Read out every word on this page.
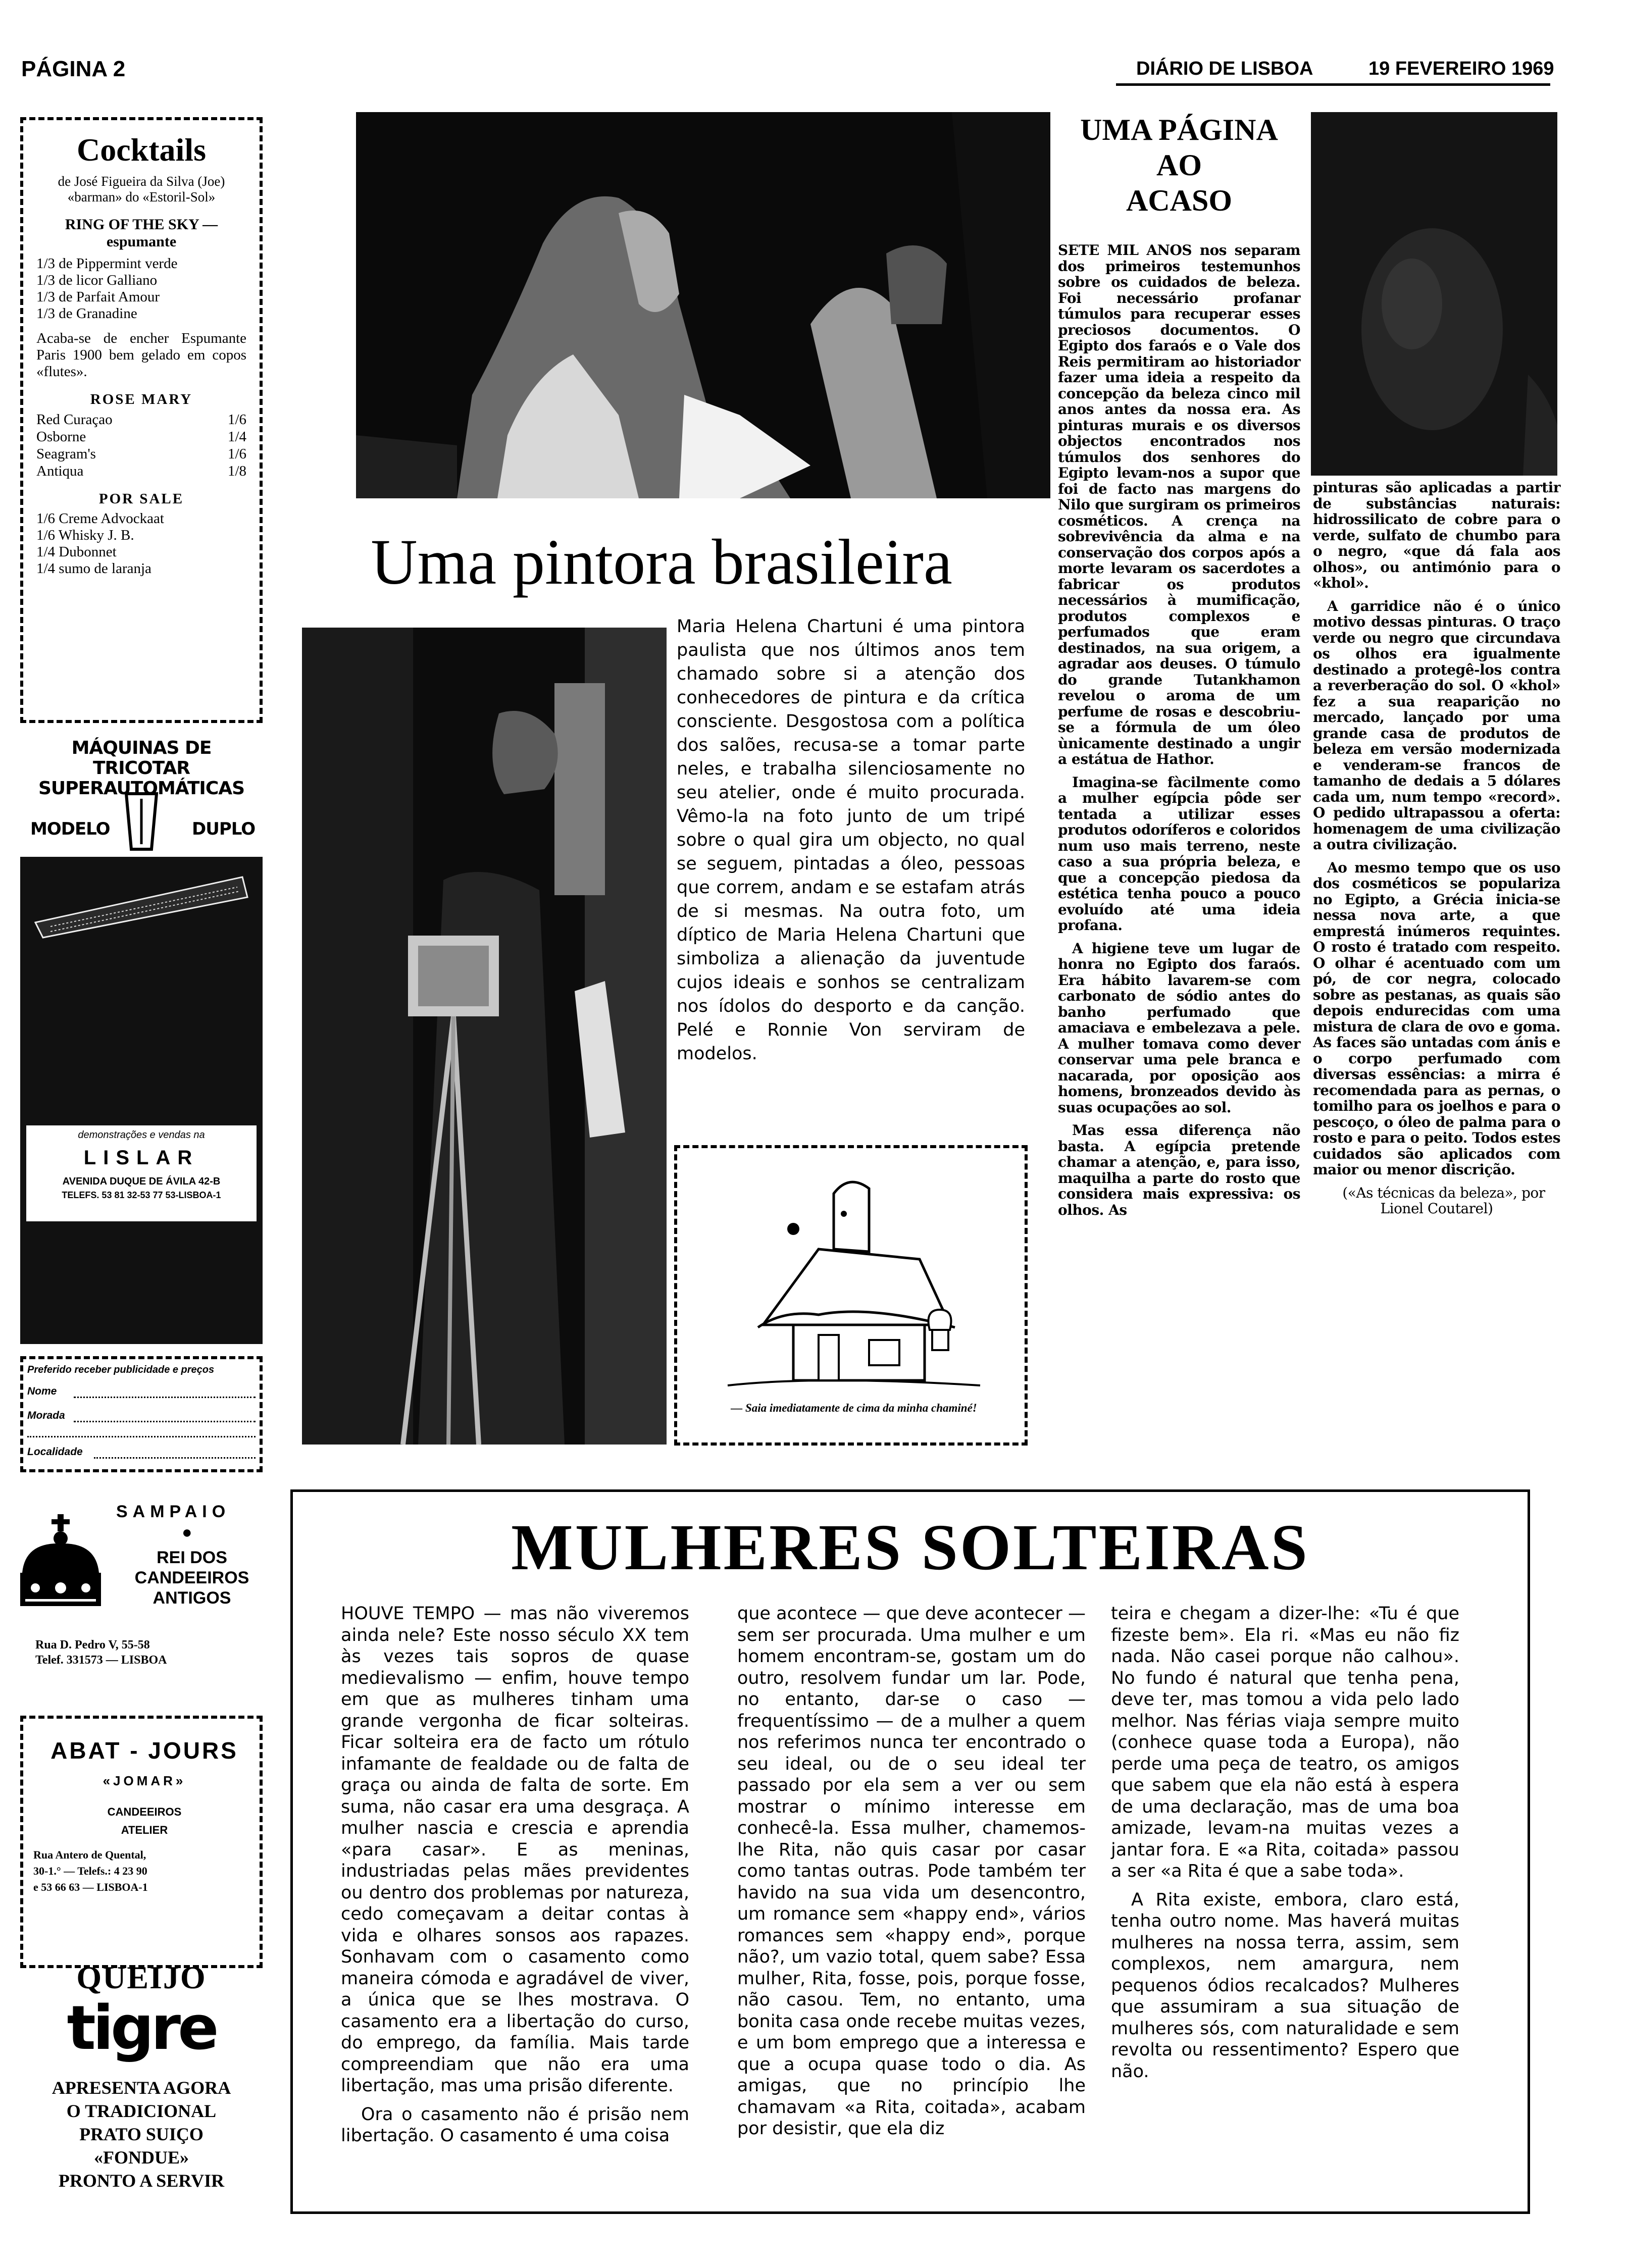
PÁGINA 2	DIÁRIO DE LISBOA	19 FEVEREIRO 1969
Cocktails
de José Figueira da Silva (Joe) «barman» do «Estoril-Sol»
RING OF THE SKY — espumante
1/3 de Pippermint verde
1/3 de licor Galliano
1/3 de Parfait Amour
1/3 de Granadine
Acaba-se de encher Espumante Paris 1900 bem gelado em copos «flutes».
ROSE MARY
Red Curaçao	1/6
Osborne	1/4
Seagram's	1/6
Antiqua	1/8
POR SALE
1/6 Creme Advockaat
1/6 Whisky J. B.
1/4 Dubonnet
1/4 sumo de laranja
MÁQUINAS DE TRICOTAR SUPERAUTOMÁTICAS
MODELO	DUPLO
demonstrações e vendas na
LISLAR
AVENIDA DUQUE DE ÁVILA 42-B
TELEFS. 53 81 32-53 77 53-LISBOA-1
Preferido receber publicidade e preços
Nome
Morada
Localidade
SAMPAIO
●
REI DOS
CANDEEIROS
ANTIGOS
Rua D. Pedro V, 55-58
Telef. 331573 — LISBOA
ABAT - JOURS
«JOMAR»
CANDEEIROS
ATELIER
Rua Antero de Quental,
30-1.° — Telefs.: 4 23 90
e 53 66 63 — LISBOA-1
QUEIJO
tigre
APRESENTA AGORA
O TRADICIONAL
PRATO SUIÇO
«FONDUE»
PRONTO A SERVIR
Uma pintora brasileira
Maria Helena Chartuni é uma pintora paulista que nos últimos anos tem chamado sobre si a atenção dos conhecedores de pintura e da crítica consciente. Desgostosa com a política dos salões, recusa-se a tomar parte neles, e trabalha silenciosamente no seu atelier, onde é muito procurada. Vêmo-la na foto junto de um tripé sobre o qual gira um objecto, no qual se seguem, pintadas a óleo, pessoas que correm, andam e se estafam atrás de si mesmas. Na outra foto, um díptico de Maria Helena Chartuni que simboliza a alienação da juventude cujos ideais e sonhos se centralizam nos ídolos do desporto e da canção. Pelé e Ronnie Von serviram de modelos.
— Saia imediatamente de cima da minha chaminé!
UMA PÁGINA
AO
ACASO

SETE MIL ANOS nos separam dos primeiros testemunhos sobre os cuidados de beleza. Foi necessário profanar túmulos para recuperar esses preciosos documentos. O Egipto dos faraós e o Vale dos Reis permitiram ao historiador fazer uma ideia a respeito da concepção da beleza cinco mil anos antes da nossa era. As pinturas murais e os diversos objectos encontrados nos túmulos dos senhores do Egipto levam-nos a supor que foi de facto nas margens do Nilo que surgiram os primeiros cosméticos. A crença na sobrevivência da alma e na conservação dos corpos após a morte levaram os sacerdotes a fabricar os produtos necessários à mumificação, produtos complexos e perfumados que eram destinados, na sua origem, a agradar aos deuses. O túmulo do grande Tutankhamon revelou o aroma de um perfume de rosas e descobriu-se a fórmula de um óleo ùnicamente destinado a ungir a estátua de Hathor.

Imagina-se fàcilmente como a mulher egípcia pôde ser tentada a utilizar esses produtos odoríferos e coloridos num uso mais terreno, neste caso a sua própria beleza, e que a concepção piedosa da estética tenha pouco a pouco evoluído até uma ideia profana.

A higiene teve um lugar de honra no Egipto dos faraós. Era hábito lavarem-se com carbonato de sódio antes do banho perfumado que amaciava e embelezava a pele. A mulher tomava como dever conservar uma pele branca e nacarada, por oposição aos homens, bronzeados devido às suas ocupações ao sol.

Mas essa diferença não basta. A egípcia pretende chamar a atenção, e, para isso, maquilha a parte do rosto que considera mais expressiva: os olhos. As

pinturas são aplicadas a partir de substâncias naturais: hidrossilicato de cobre para o verde, sulfato de chumbo para o negro, «que dá fala aos olhos», ou antimónio para o «khol».

A garridice não é o único motivo dessas pinturas. O traço verde ou negro que circundava os olhos era igualmente destinado a protegê-los contra a reverberação do sol. O «khol» fez a sua reaparição no mercado, lançado por uma grande casa de produtos de beleza em versão modernizada e venderam-se francos de tamanho de dedais a 5 dólares cada um, num tempo «record». O pedido ultrapassou a oferta: homenagem de uma civilização a outra civilização.

Ao mesmo tempo que os uso dos cosméticos se populariza no Egipto, a Grécia inicia-se nessa nova arte, a que emprestá inúmeros requintes. O rosto é tratado com respeito. O olhar é acentuado com um pó, de cor negra, colocado sobre as pestanas, as quais são depois endurecidas com uma mistura de clara de ovo e goma. As faces são untadas com ánis e o corpo perfumado com diversas essências: a mirra é recomendada para as pernas, o tomilho para os joelhos e para o pescoço, o óleo de palma para o rosto e para o peito. Todos estes cuidados são aplicados com maior ou menor discrição.

(«As técnicas da beleza», por Lionel Coutarel)

MULHERES SOLTEIRAS

HOUVE TEMPO — mas não viveremos ainda nele? Este nosso século XX tem às vezes tais sopros de quase medievalismo — enfim, houve tempo em que as mulheres tinham uma grande vergonha de ficar solteiras. Ficar solteira era de facto um rótulo infamante de fealdade ou de falta de graça ou ainda de falta de sorte. Em suma, não casar era uma desgraça. A mulher nascia e crescia e aprendia «para casar». E as meninas, industriadas pelas mães previdentes ou dentro dos problemas por natureza, cedo começavam a deitar contas à vida e olhares sonsos aos rapazes. Sonhavam com o casamento como maneira cómoda e agradável de viver, a única que se lhes mostrava. O casamento era a libertação do curso, do emprego, da família. Mais tarde compreendiam que não era uma libertação, mas uma prisão diferente.

Ora o casamento não é prisão nem libertação. O casamento é uma coisa

que acontece — que deve acontecer — sem ser procurada. Uma mulher e um homem encontram-se, gostam um do outro, resolvem fundar um lar. Pode, no entanto, dar-se o caso — frequentíssimo — de a mulher a quem nos referimos nunca ter encontrado o seu ideal, ou de o seu ideal ter passado por ela sem a ver ou sem mostrar o mínimo interesse em conhecê-la. Essa mulher, chamemos-lhe Rita, não quis casar por casar como tantas outras. Pode também ter havido na sua vida um desencontro, um romance sem «happy end», vários romances sem «happy end», porque não?, um vazio total, quem sabe? Essa mulher, Rita, fosse, pois, porque fosse, não casou. Tem, no entanto, uma bonita casa onde recebe muitas vezes, e um bom emprego que a interessa e que a ocupa quase todo o dia. As amigas, que no princípio lhe chamavam «a Rita, coitada», acabam por desistir, que ela diz

teira e chegam a dizer-lhe: «Tu é que fizeste bem». Ela ri. «Mas eu não fiz nada. Não casei porque não calhou». No fundo é natural que tenha pena, deve ter, mas tomou a vida pelo lado melhor. Nas férias viaja sempre muito (conhece quase toda a Europa), não perde uma peça de teatro, os amigos que sabem que ela não está à espera de uma declaração, mas de uma boa amizade, levam-na muitas vezes a jantar fora. E «a Rita, coitada» passou a ser «a Rita é que a sabe toda».

A Rita existe, embora, claro está, tenha outro nome. Mas haverá muitas mulheres na nossa terra, assim, sem complexos, nem amargura, nem pequenos ódios recalcados? Mulheres que assumiram a sua situação de mulheres sós, com naturalidade e sem revolta ou ressentimento? Espero que não.
